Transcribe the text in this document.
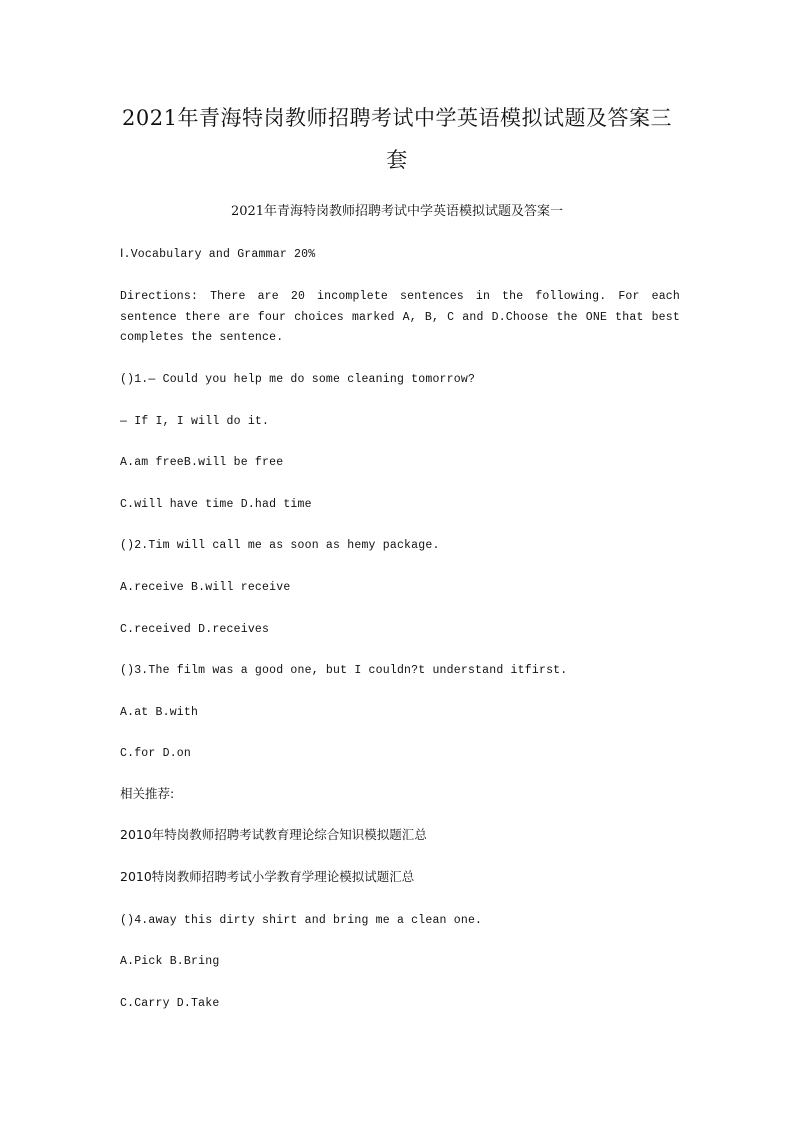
2021年青海特岗教师招聘考试中学英语模拟试题及答案三
套
2021年青海特岗教师招聘考试中学英语模拟试题及答案一
Ⅰ.Vocabulary and Grammar 20%
Directions: There are 20 incomplete sentences in the following. For each
sentence there are four choices marked A, B, C and D.Choose the ONE that best
completes the sentence.
()1.— Could you help me do some cleaning tomorrow?
— If I, I will do it.
A.am freeB.will be free
C.will have time D.had time
()2.Tim will call me as soon as hemy package.
A.receive B.will receive
C.received D.receives
()3.The film was a good one, but I couldn?t understand itfirst.
A.at B.with
C.for D.on
相关推荐:
2010年特岗教师招聘考试教育理论综合知识模拟题汇总
2010特岗教师招聘考试小学教育学理论模拟试题汇总
()4.away this dirty shirt and bring me a clean one.
A.Pick B.Bring
C.Carry D.Take
